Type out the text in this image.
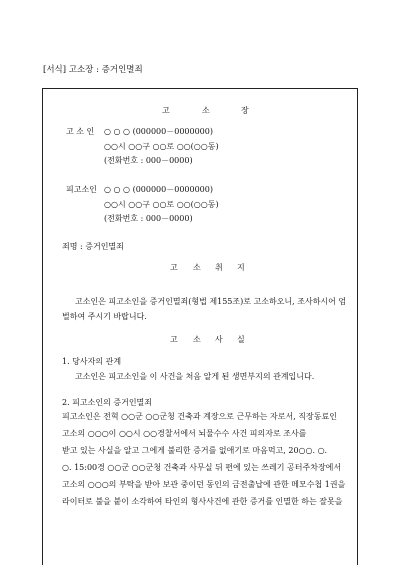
[서식] 고소장 : 증거인멸죄
고	소	장
고 소 인 ○ ○ ○ (000000－0000000)
○○시 ○○구 ○○로 ○○(○○동)
(전화번호 : 000－0000)
피고소인 ○ ○ ○ (000000－0000000)
○○시 ○○구 ○○로 ○○(○○동)
(전화번호 : 000－0000)
죄명 : 증거인멸죄
고 소 취 지
고소인은 피고소인을 증거인멸죄(형법 제155조)로 고소하오니, 조사하시어 엄
벌하여 주시기 바랍니다.
고 소 사 실
1. 당사자의 관계
고소인은 피고소인을 이 사건을 처음 알게 된 생면부지의 관계입니다.
2. 피고소인의 증거인멸죄
피고소인은 전혁 ○○군 ○○군청 건축과 계장으로 근무하는 자로서, 직장동료인
고소의 ○○○이 ○○시 ○○경찰서에서 뇌물수수 사건 피의자로 조사를
받고 있는 사실을 알고 그에게 불리한 증거를 없애기로 마음먹고, 20○○. ○.
○. 15:00경 ○○군 ○○군청 건축과 사무실 뒤 편에 있는 쓰레기 공터주차장에서
고소의 ○○○의 부탁을 받아 보관 중이던 동인의 금전출납에 관한 메모수첩 1권을
라이터로 불을 붙이 소각하여 타인의 형사사건에 관한 증거를 인멸한 하는 잘못을
